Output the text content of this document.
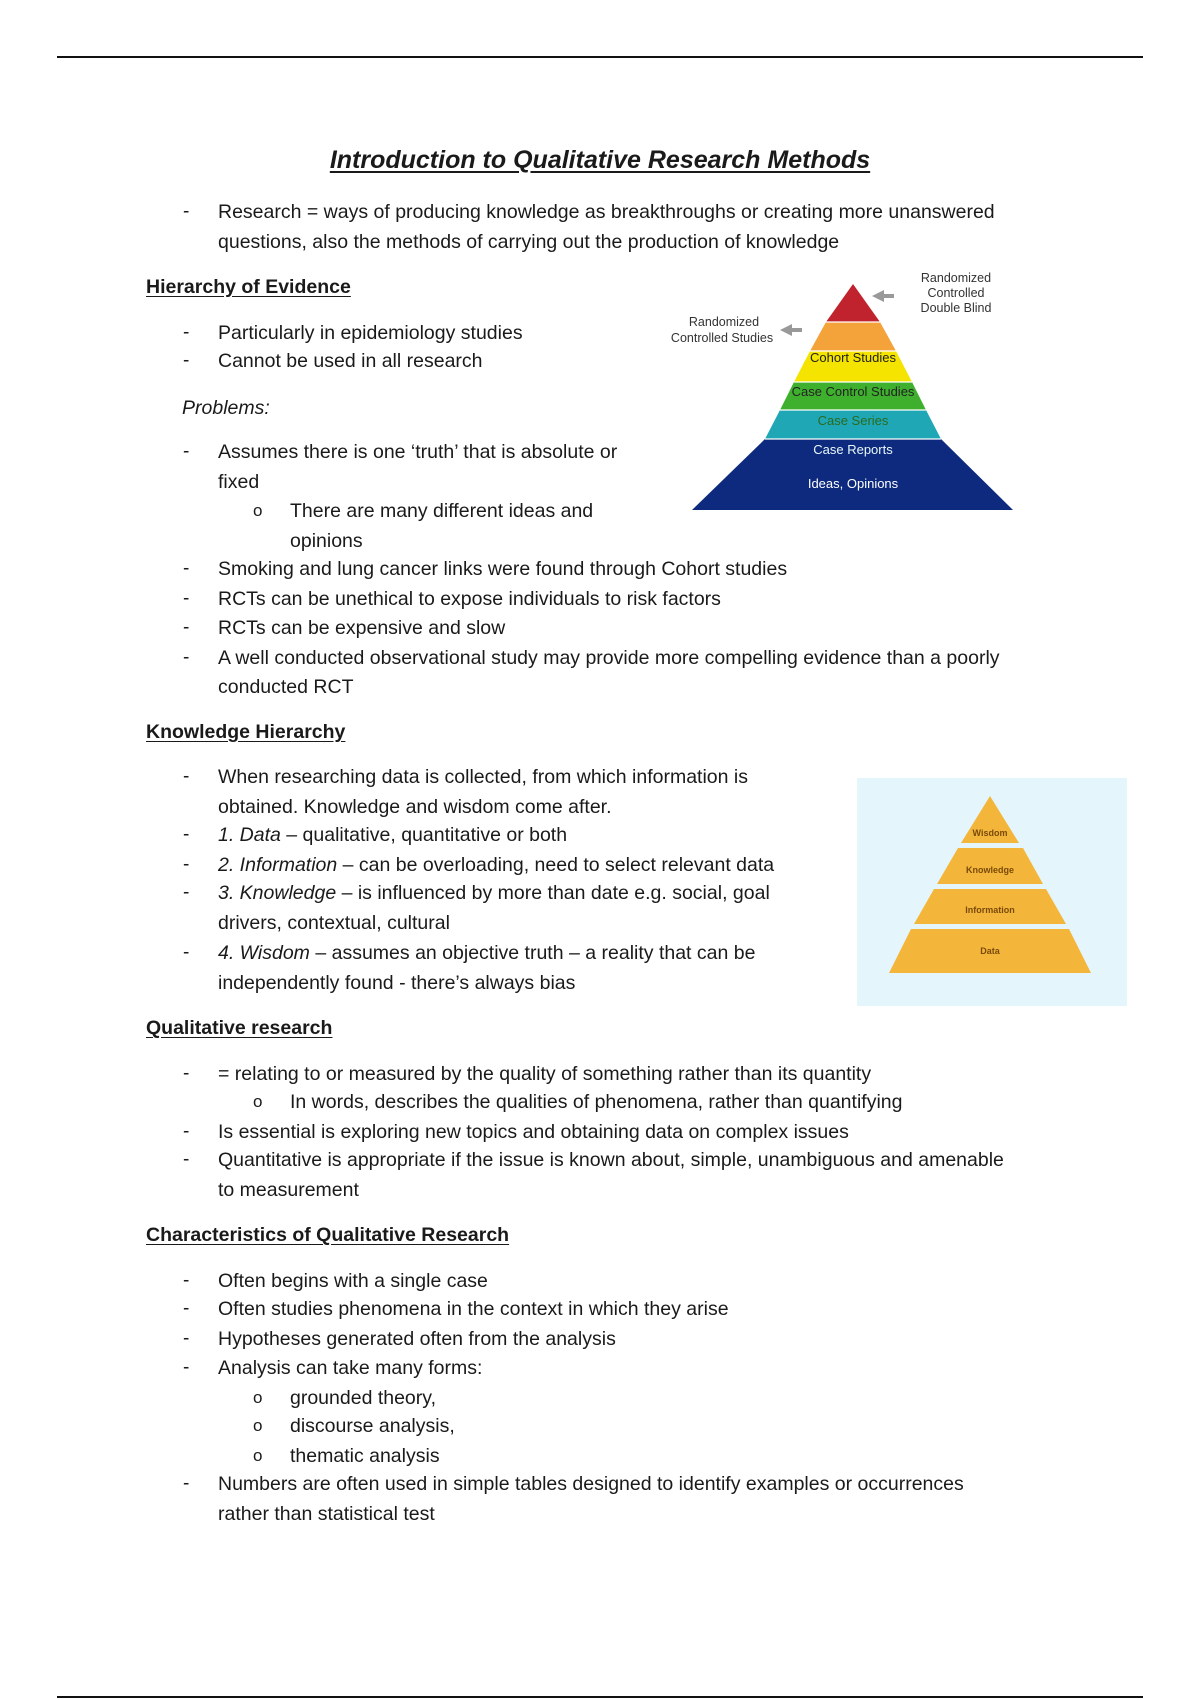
Introduction to Qualitative Research Methods
- Research = ways of producing knowledge as breakthroughs or creating more unanswered
questions, also the methods of carrying out the production of knowledge
Hierarchy of Evidence
- Particularly in epidemiology studies
- Cannot be used in all research
Problems:
- Assumes there is one ‘truth’ that is absolute or
fixed
o There are many different ideas and
opinions
- Smoking and lung cancer links were found through Cohort studies
- RCTs can be unethical to expose individuals to risk factors
- RCTs can be expensive and slow
- A well conducted observational study may provide more compelling evidence than a poorly
conducted RCT
Cohort Studies
Case Control Studies
Case Series
Case Reports
Ideas, Opinions
Randomized
Controlled
Double Blind
Randomized
Controlled Studies
Knowledge Hierarchy
- When researching data is collected, from which information is
obtained. Knowledge and wisdom come after.
- 1. Data – qualitative, quantitative or both
- 2. Information – can be overloading, need to select relevant data
- 3. Knowledge – is influenced by more than date e.g. social, goal
drivers, contextual, cultural
- 4. Wisdom – assumes an objective truth – a reality that can be
independently found - there’s always bias
Wisdom
Knowledge
Information
Data
Qualitative research
- = relating to or measured by the quality of something rather than its quantity
o In words, describes the qualities of phenomena, rather than quantifying
- Is essential is exploring new topics and obtaining data on complex issues
- Quantitative is appropriate if the issue is known about, simple, unambiguous and amenable
to measurement
Characteristics of Qualitative Research
- Often begins with a single case
- Often studies phenomena in the context in which they arise
- Hypotheses generated often from the analysis
- Analysis can take many forms:
o grounded theory,
o discourse analysis,
o thematic analysis
- Numbers are often used in simple tables designed to identify examples or occurrences
rather than statistical test
